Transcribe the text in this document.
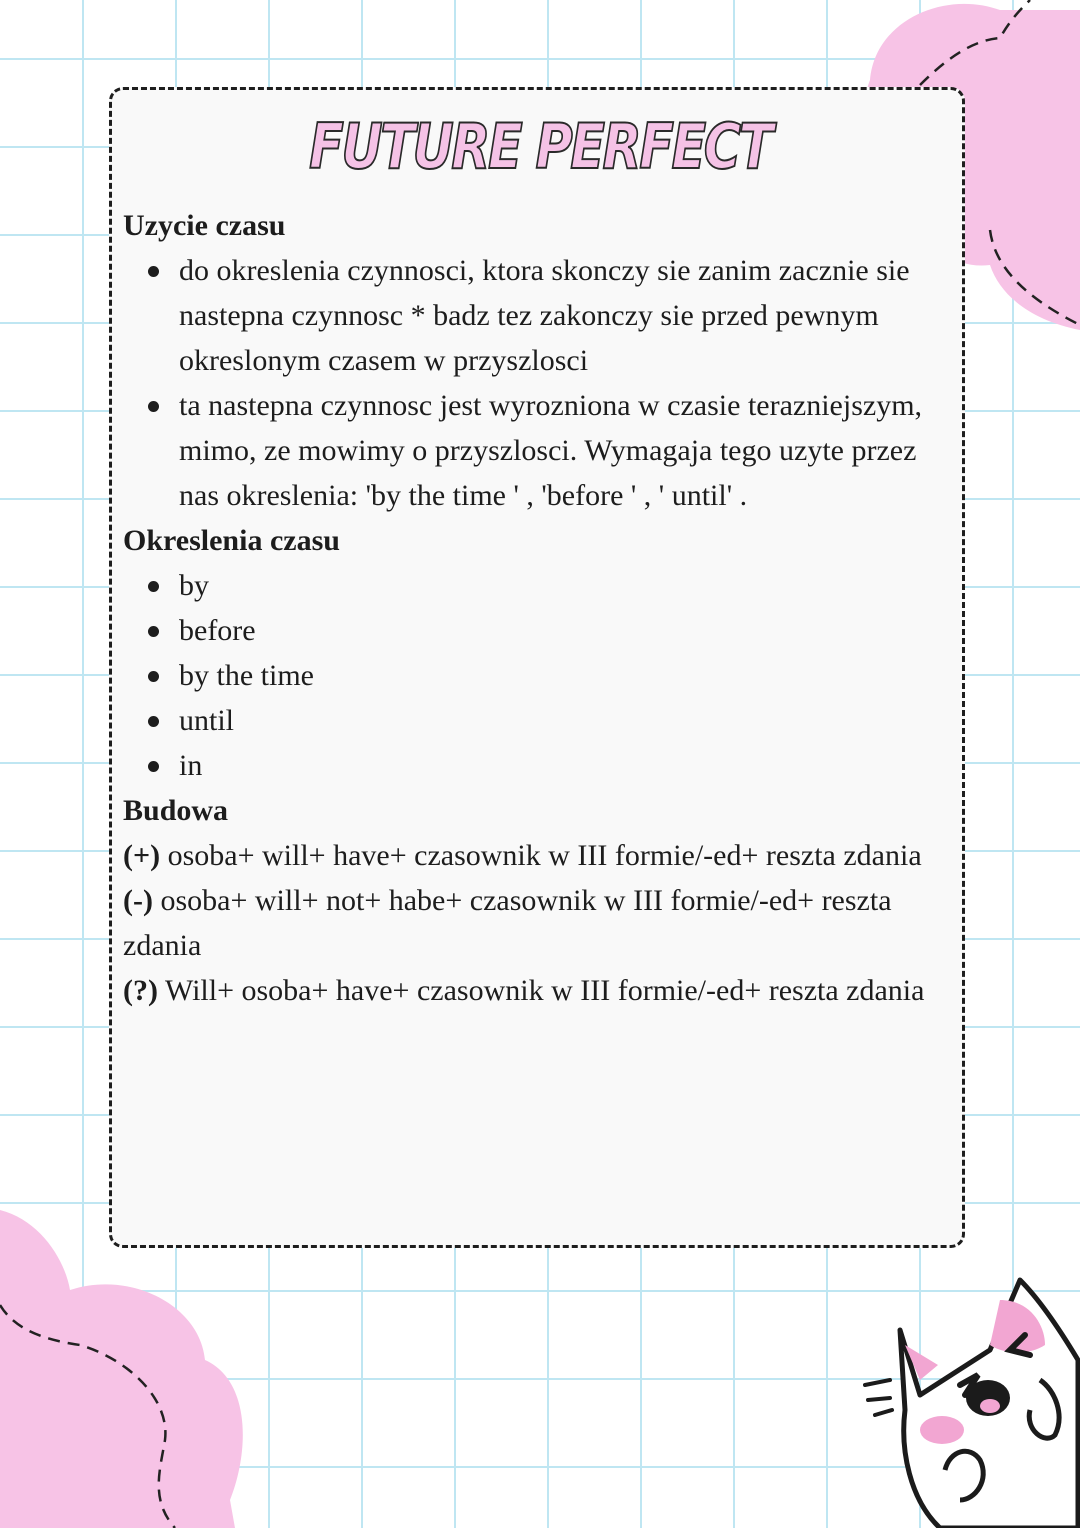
FUTURE PERFECT
Uzycie czasu
do okreslenia czynnosci, ktora skonczy sie zanim zacznie sie nastepna czynnosc * badz tez zakonczy sie przed pewnym okreslonym czasem w przyszlosci
ta nastepna czynnosc jest wyrozniona w czasie terazniejszym, mimo, ze mowimy o przyszlosci. Wymagaja tego uzyte przez nas okreslenia: 'by the time ' , 'before ' , ' until' .
Okreslenia czasu
by
before
by the time
until
in
Budowa

(+) osoba+ will+ have+ czasownik w III formie/-ed+ reszta zdania

(-) osoba+ will+ not+ habe+ czasownik w III formie/-ed+ reszta zdania

(?) Will+ osoba+ have+ czasownik w III formie/-ed+ reszta zdania
